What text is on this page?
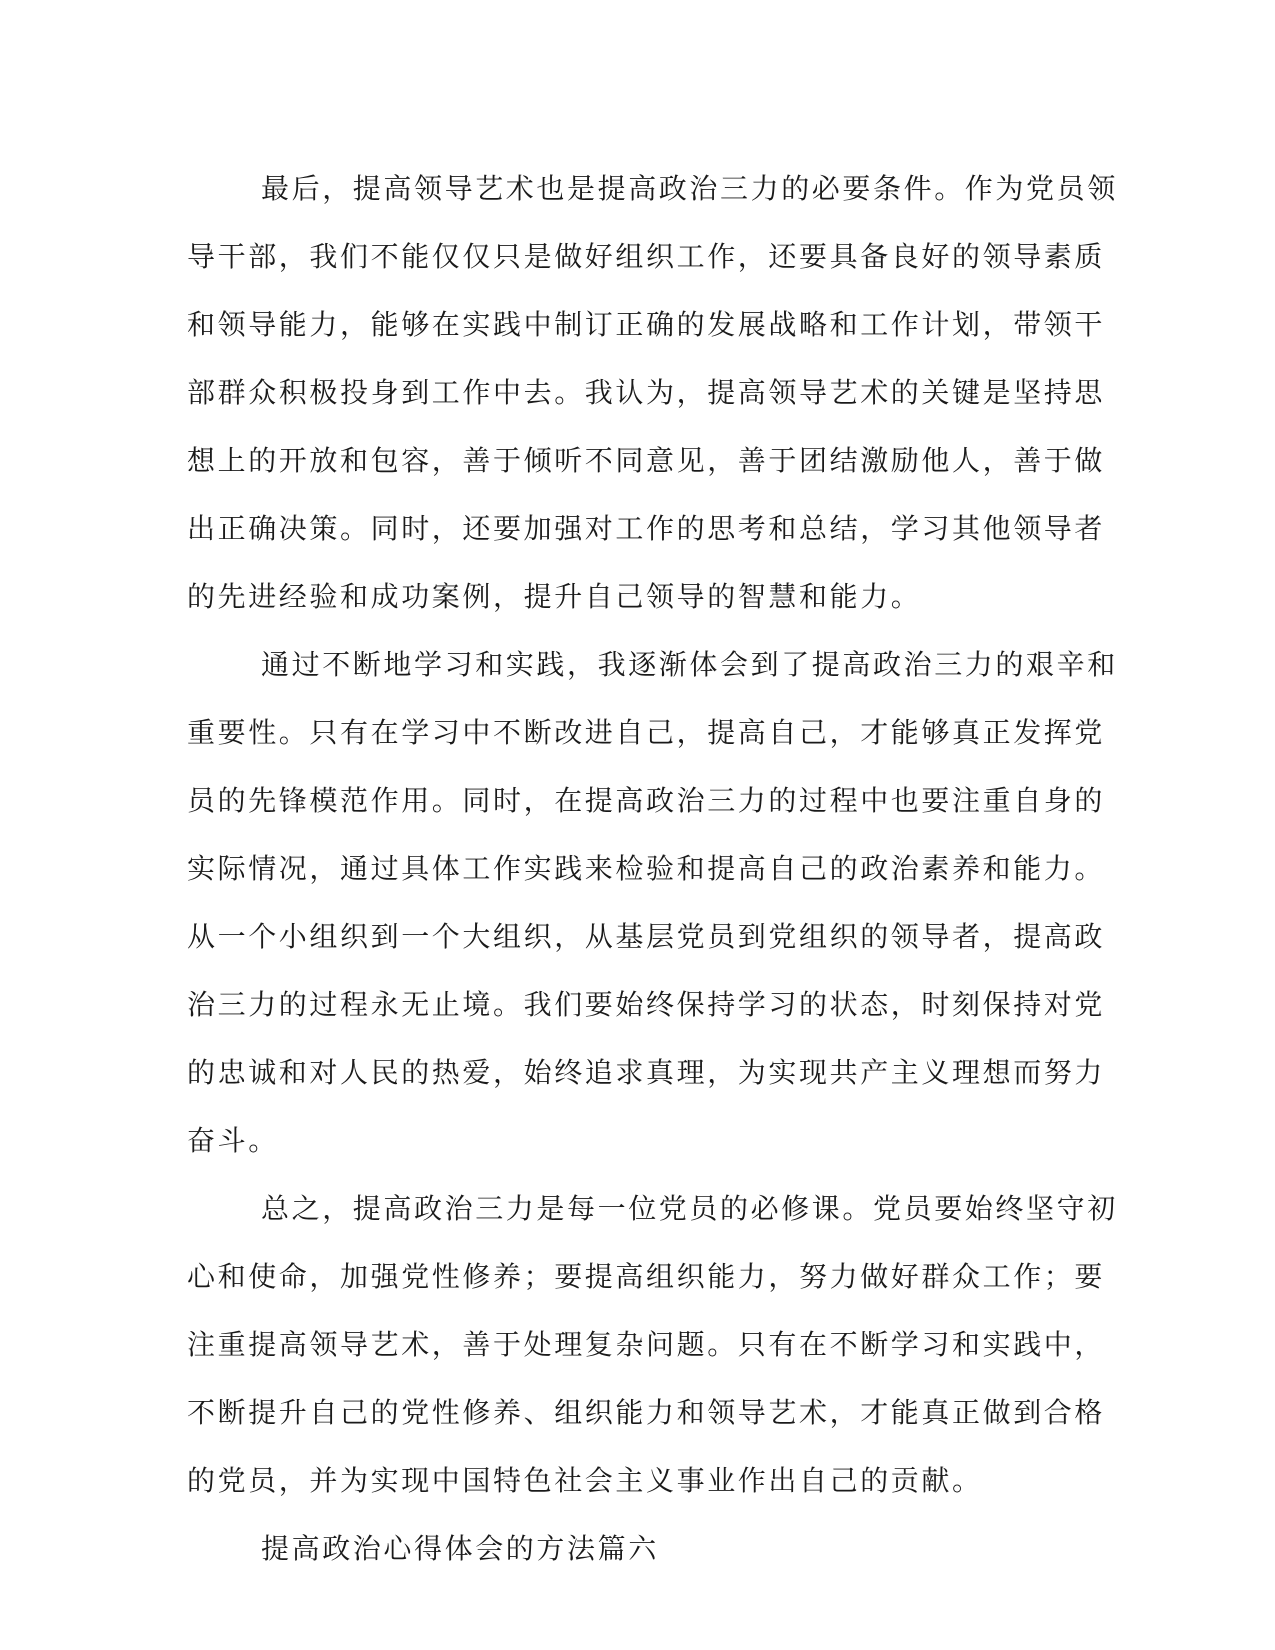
最后，提高领导艺术也是提高政治三力的必要条件。作为党员领
导干部，我们不能仅仅只是做好组织工作，还要具备良好的领导素质
和领导能力，能够在实践中制订正确的发展战略和工作计划，带领干
部群众积极投身到工作中去。我认为，提高领导艺术的关键是坚持思
想上的开放和包容，善于倾听不同意见，善于团结激励他人，善于做
出正确决策。同时，还要加强对工作的思考和总结，学习其他领导者
的先进经验和成功案例，提升自己领导的智慧和能力。
通过不断地学习和实践，我逐渐体会到了提高政治三力的艰辛和
重要性。只有在学习中不断改进自己，提高自己，才能够真正发挥党
员的先锋模范作用。同时，在提高政治三力的过程中也要注重自身的
实际情况，通过具体工作实践来检验和提高自己的政治素养和能力。
从一个小组织到一个大组织，从基层党员到党组织的领导者，提高政
治三力的过程永无止境。我们要始终保持学习的状态，时刻保持对党
的忠诚和对人民的热爱，始终追求真理，为实现共产主义理想而努力
奋斗。
总之，提高政治三力是每一位党员的必修课。党员要始终坚守初
心和使命，加强党性修养；要提高组织能力，努力做好群众工作；要
注重提高领导艺术，善于处理复杂问题。只有在不断学习和实践中，
不断提升自己的党性修养、组织能力和领导艺术，才能真正做到合格
的党员，并为实现中国特色社会主义事业作出自己的贡献。
提高政治心得体会的方法篇六
